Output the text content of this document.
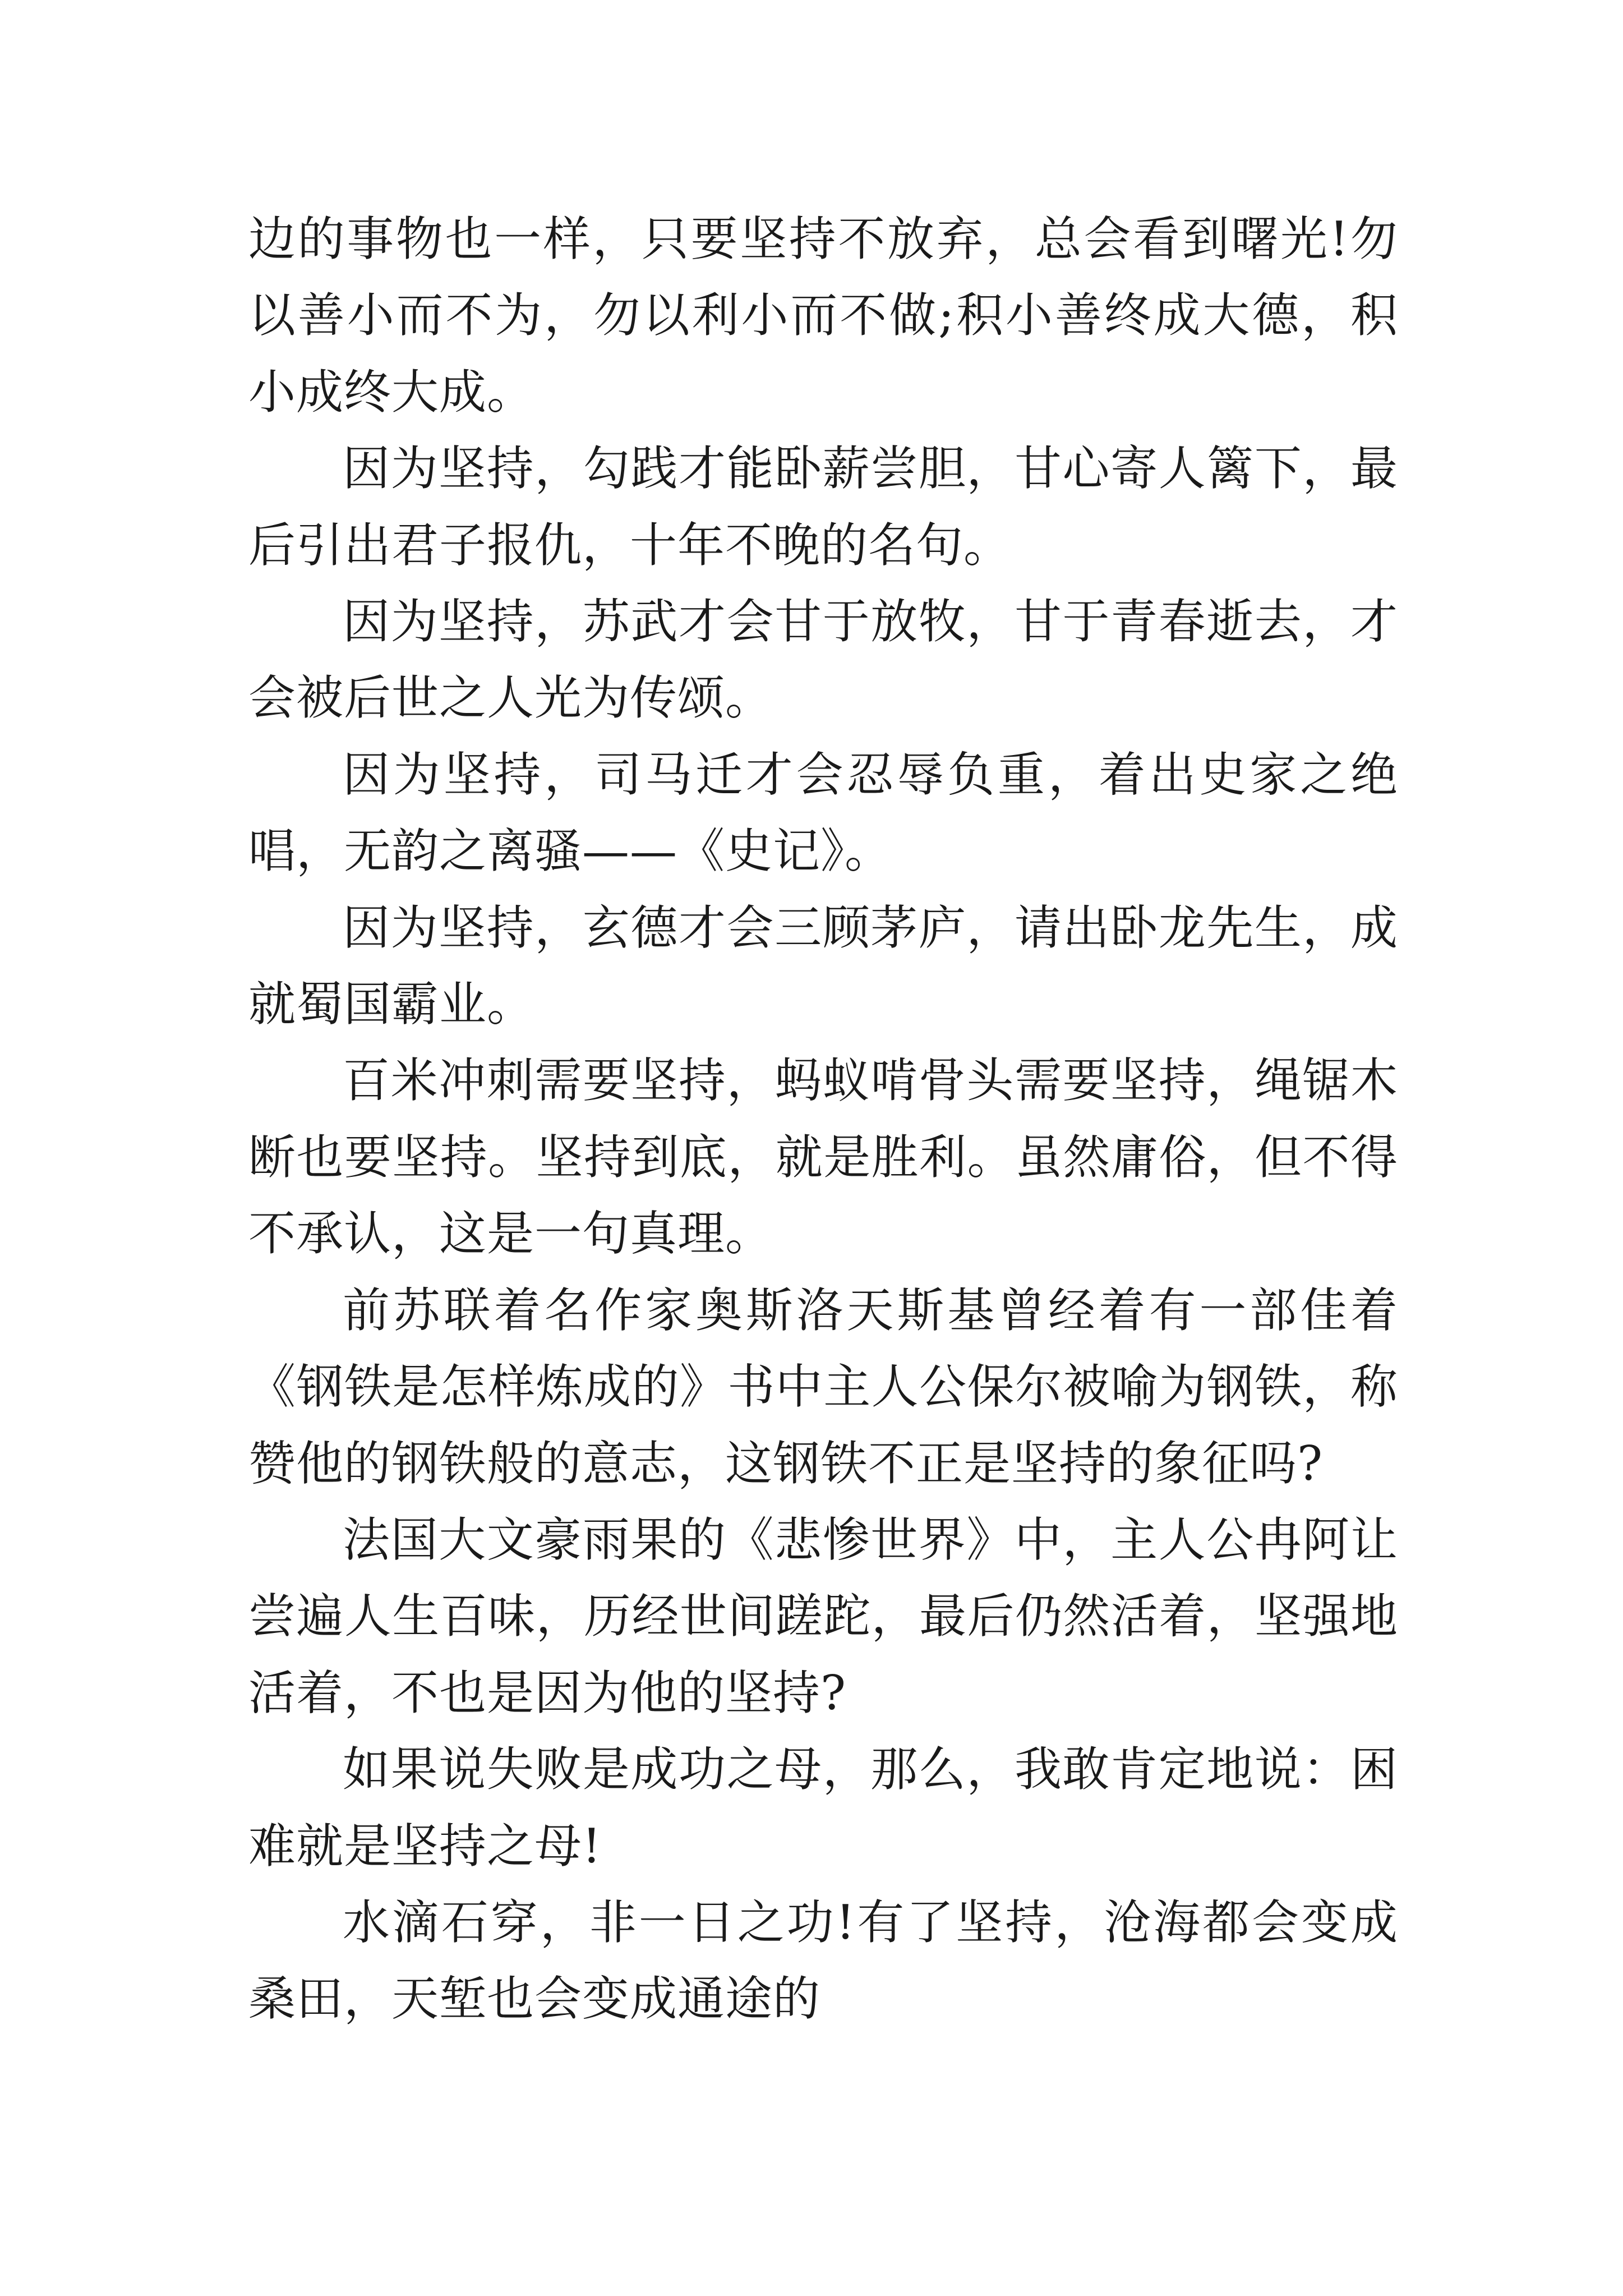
边的事物也一样，只要坚持不放弃，总会看到曙光!勿以善小而不为，勿以利小而不做;积小善终成大德，积小成终大成。

因为坚持，勾践才能卧薪尝胆，甘心寄人篱下，最后引出君子报仇，十年不晚的名句。

因为坚持，苏武才会甘于放牧，甘于青春逝去，才会被后世之人光为传颂。

因为坚持，司马迁才会忍辱负重，着出史家之绝唱，无韵之离骚——《史记》。

因为坚持，玄德才会三顾茅庐，请出卧龙先生，成就蜀国霸业。

百米冲刺需要坚持，蚂蚁啃骨头需要坚持，绳锯木断也要坚持。坚持到底，就是胜利。虽然庸俗，但不得不承认，这是一句真理。

前苏联着名作家奥斯洛天斯基曾经着有一部佳着《钢铁是怎样炼成的》书中主人公保尔被喻为钢铁，称赞他的钢铁般的意志，这钢铁不正是坚持的象征吗?

法国大文豪雨果的《悲惨世界》中，主人公冉阿让尝遍人生百味，历经世间蹉跎，最后仍然活着，坚强地活着，不也是因为他的坚持?

如果说失败是成功之母，那么，我敢肯定地说：困难就是坚持之母!

水滴石穿，非一日之功!有了坚持，沧海都会变成桑田，天堑也会变成通途的
